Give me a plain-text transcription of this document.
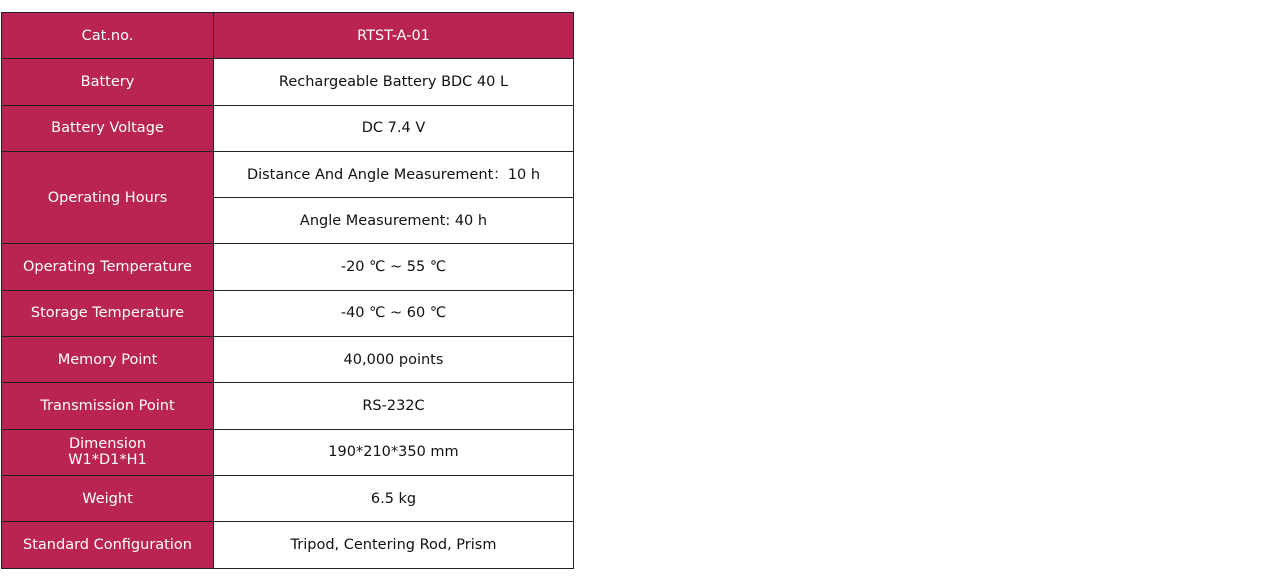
Cat.no.	RTST-A-01
Battery	Rechargeable Battery BDC 40 L
Battery Voltage	DC 7.4 V
Operating Hours	Distance And Angle Measurement：10 h
	Angle Measurement: 40 h
Operating Temperature	-20 ℃ ~ 55 ℃
Storage Temperature	-40 ℃ ~ 60 ℃
Memory Point	40,000 points
Transmission Point	RS-232C

Dimension
W1*D1*H1	190*210*350 mm
Weight	6.5 kg
Standard Configuration	Tripod, Centering Rod, Prism
